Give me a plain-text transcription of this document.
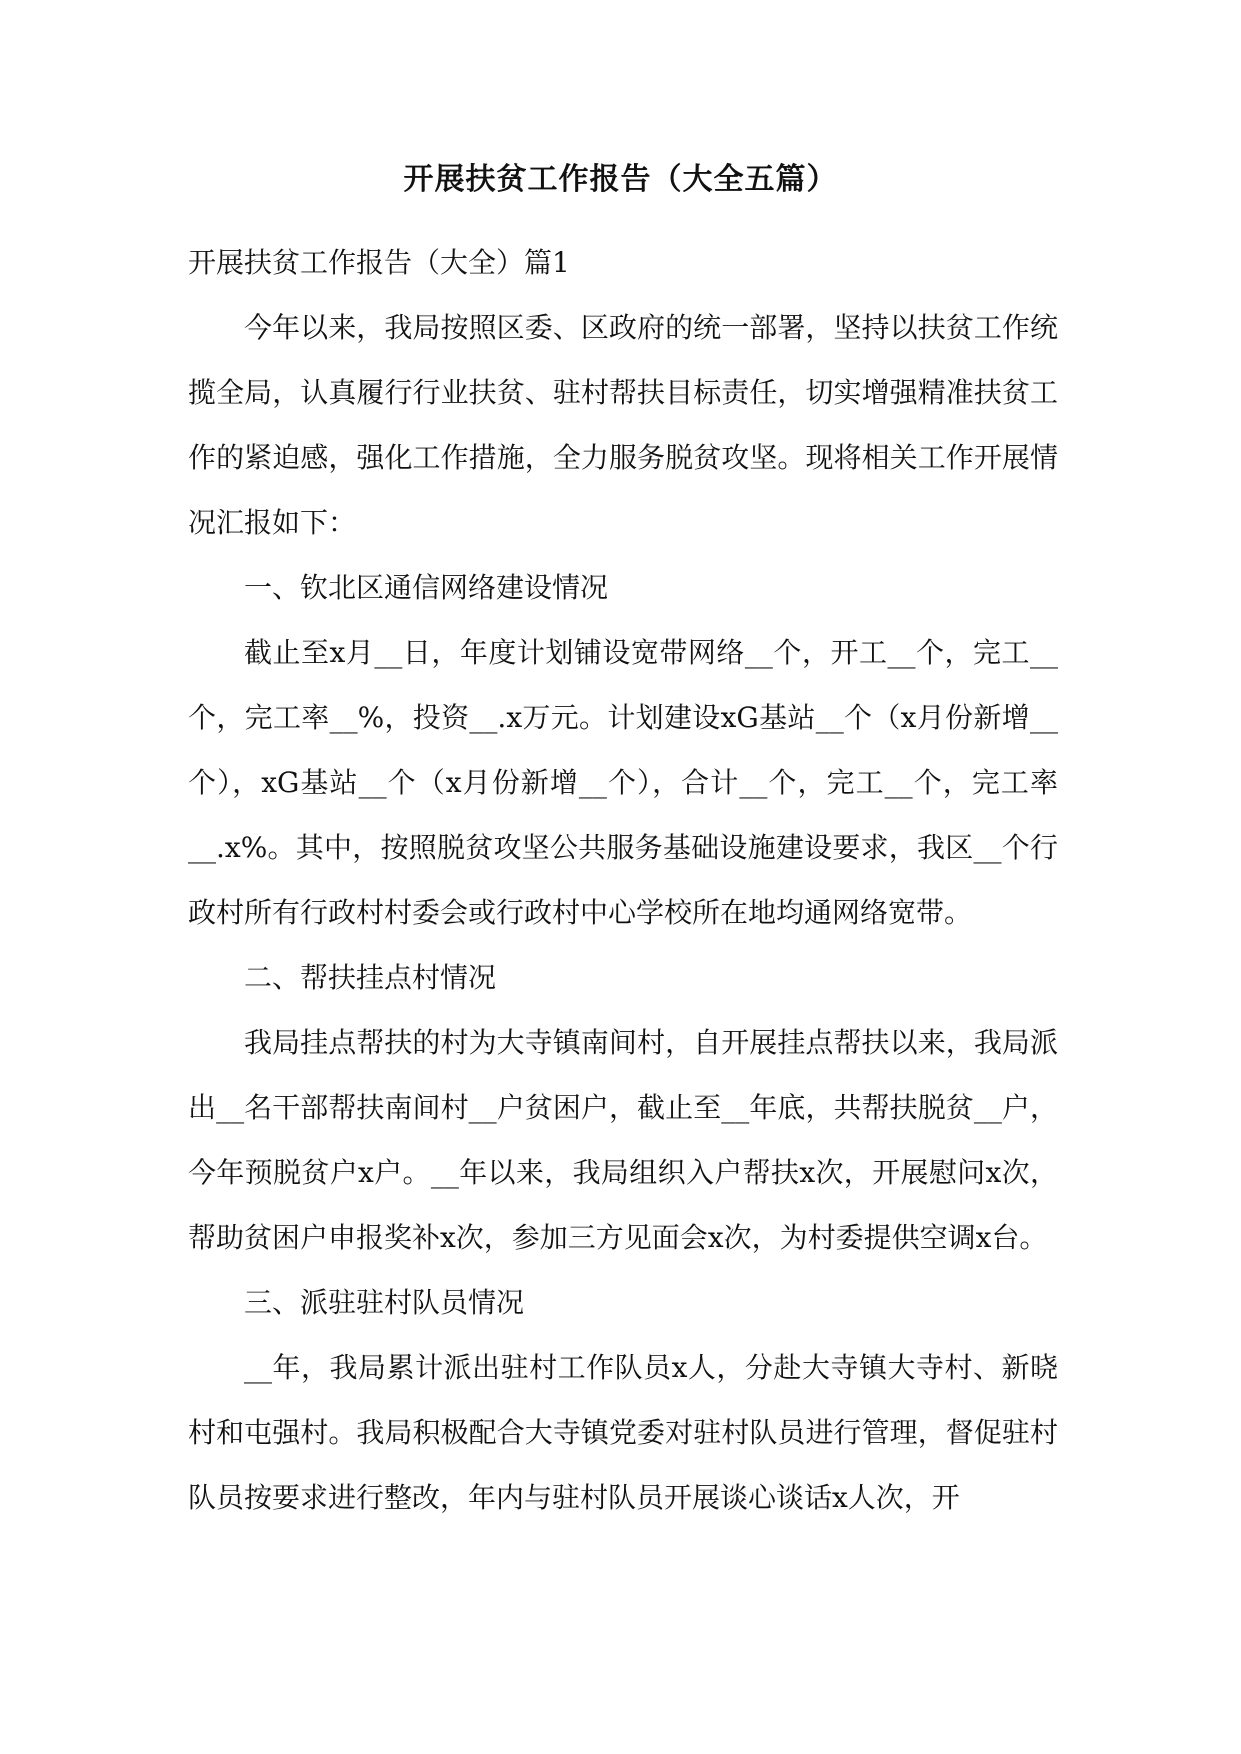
开展扶贫工作报告（大全五篇）

开展扶贫工作报告（大全）篇1

今年以来，我局按照区委、区政府的统一部署，坚持以扶贫工作统揽全局，认真履行行业扶贫、驻村帮扶目标责任，切实增强精准扶贫工作的紧迫感，强化工作措施，全力服务脱贫攻坚。现将相关工作开展情况汇报如下：

一、钦北区通信网络建设情况

截止至x月__日，年度计划铺设宽带网络__个，开工__个，完工__个，完工率__%，投资__.x万元。计划建设xG基站__个（x月份新增__个），xG基站__个（x月份新增__个），合计__个，完工__个，完工率__.x%。其中，按照脱贫攻坚公共服务基础设施建设要求，我区__个行政村所有行政村村委会或行政村中心学校所在地均通网络宽带。

二、帮扶挂点村情况

我局挂点帮扶的村为大寺镇南间村，自开展挂点帮扶以来，我局派出__名干部帮扶南间村__户贫困户，截止至__年底，共帮扶脱贫__户，今年预脱贫户x户。__年以来，我局组织入户帮扶x次，开展慰问x次，帮助贫困户申报奖补x次，参加三方见面会x次，为村委提供空调x台。

三、派驻驻村队员情况

__年，我局累计派出驻村工作队员x人，分赴大寺镇大寺村、新晓村和屯强村。我局积极配合大寺镇党委对驻村队员进行管理，督促驻村队员按要求进行整改，年内与驻村队员开展谈心谈话x人次，开
